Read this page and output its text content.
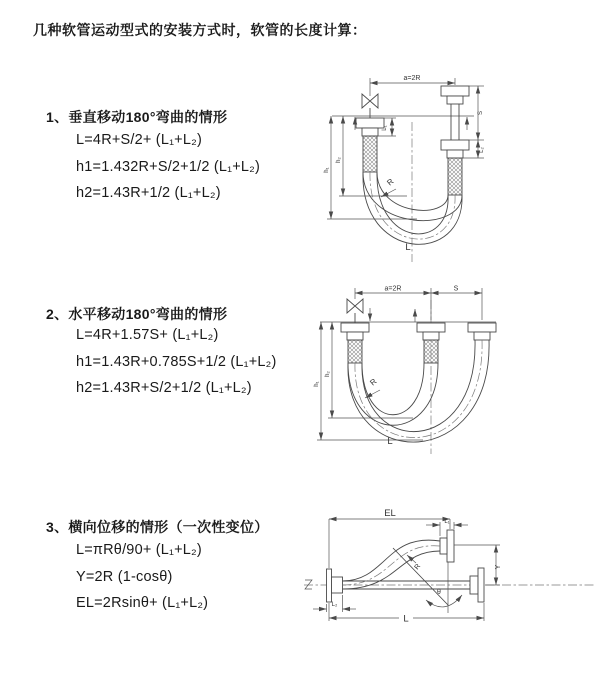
几种软管运动型式的安装方式时，软管的长度计算：
1、垂直移动180°弯曲的情形
L=4R+S/2+ (L₁+L₂)
h1=1.432R+S/2+1/2 (L₁+L₂)
h2=1.43R+1/2 (L₁+L₂)
2、水平移动180°弯曲的情形
L=4R+1.57S+ (L₁+L₂)
h1=1.43R+0.785S+1/2 (L₁+L₂)
h2=1.43R+S/2+1/2 (L₁+L₂)
3、横向位移的情形（一次性变位）
L=πRθ/90+ (L₁+L₂)
Y=2R (1-cosθ)
EL=2Rsinθ+ (L₁+L₂)
a=2R
L₁
S
L₂
h₁
h₂
R
L
a=2R	S
h₁
h₂
R
L
EL
L₁
Y
θ
R
L₂
L
